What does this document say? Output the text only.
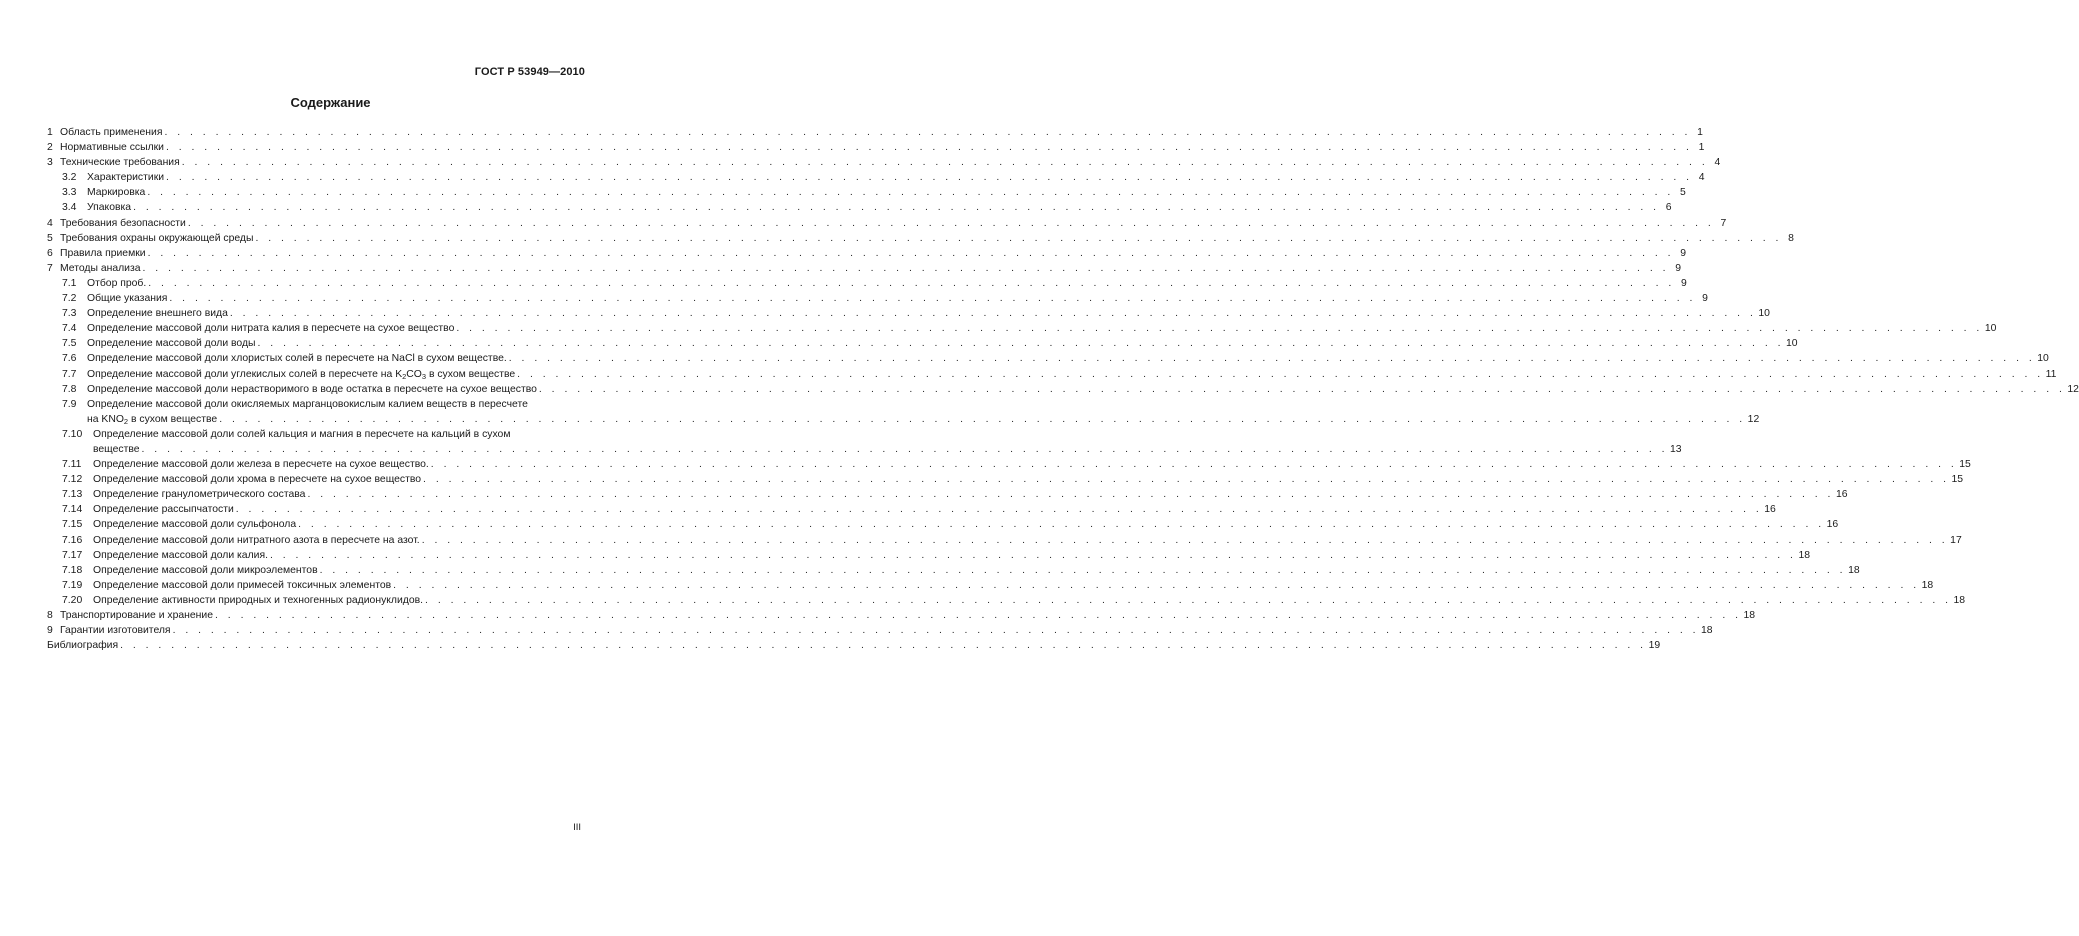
ГОСТ Р 53949—2010
Содержание
1 Область применения . . .	1
2 Нормативные ссылки . . .	1
3 Технические требования . . .	4
3.2	Характеристики . . .	4
3.3	Маркировка . . .	5
3.4	Упаковка . . .	6
4 Требования безопасности . . .	7
5 Требования охраны окружающей среды . . .	8
6 Правила приемки . . .	9
7 Методы анализа . . .	9
7.1	Отбор проб. . . .	9
7.2	Общие указания . . .	9
7.3	Определение внешнего вида . . .	10
7.4	Определение массовой доли нитрата калия в пересчете на сухое вещество . . .	10
7.5	Определение массовой доли воды . . .	10
7.6	Определение массовой доли хлористых солей в пересчете на NaCl в сухом веществе. . . .	10
7.7	Определение массовой доли углекислых солей в пересчете на $K_2CO_3$ в сухом веществе . . .	11
7.8	Определение массовой доли нерастворимого в воде остатка в пересчете на сухое вещество . . .	12
7.9	Определение массовой доли окисляемых марганцовокислым калием веществ в пересчете
на $KNO_2$ в сухом веществе . . .	12
7.10	Определение массовой доли солей кальция и магния в пересчете на кальций в сухом
веществе . . .	13
7.11	Определение массовой доли железа в пересчете на сухое вещество. . . .	15
7.12	Определение массовой доли хрома в пересчете на сухое вещество . . .	15
7.13	Определение гранулометрического состава . . .	16
7.14	Определение рассыпчатости . . .	16
7.15	Определение массовой доли сульфонола . . .	16
7.16	Определение массовой доли нитратного азота в пересчете на азот. . . .	17
7.17	Определение массовой доли калия. . . .	18
7.18	Определение массовой доли микроэлементов . . .	18
7.19	Определение массовой доли примесей токсичных элементов . . .	18
7.20	Определение активности природных и техногенных радионуклидов. . . .	18
8 Транспортирование и хранение . . .	18
9 Гарантии изготовителя . . .	18
Библиография . . .	19
III
